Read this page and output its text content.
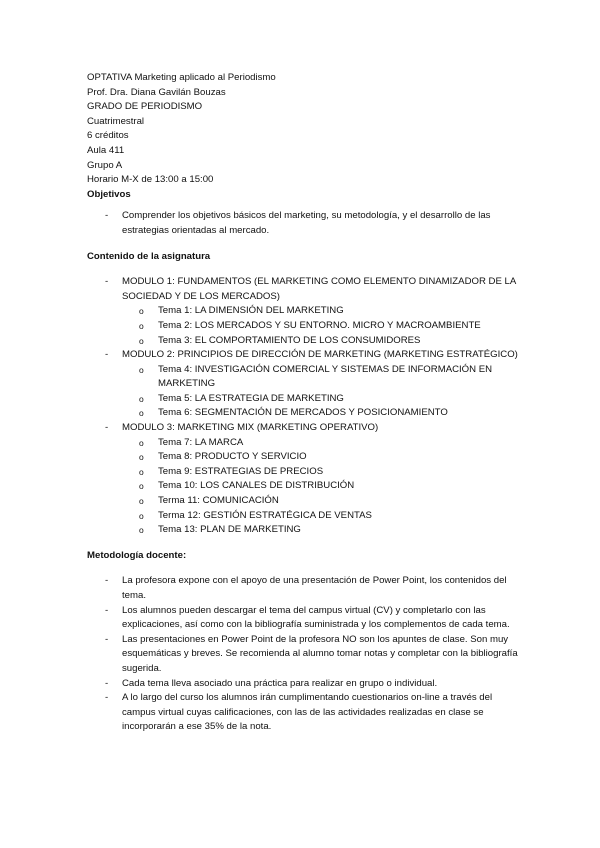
OPTATIVA Marketing aplicado al Periodismo
Prof. Dra. Diana Gavilán Bouzas
GRADO DE PERIODISMO
Cuatrimestral
6 créditos
Aula 411
Grupo A
Horario M-X de 13:00 a 15:00
Objetivos
-	Comprender los objetivos básicos del marketing, su metodología, y el desarrollo de las estrategias orientadas al mercado.
Contenido de la asignatura
-	MODULO 1: FUNDAMENTOS (EL MARKETING COMO ELEMENTO DINAMIZADOR DE LA SOCIEDAD Y DE LOS MERCADOS)
o Tema 1: LA DIMENSIÓN DEL MARKETING
o Tema 2: LOS MERCADOS Y SU ENTORNO. MICRO Y MACROAMBIENTE
o Tema 3: EL COMPORTAMIENTO DE LOS CONSUMIDORES
-	MODULO 2: PRINCIPIOS DE DIRECCIÓN DE MARKETING (MARKETING ESTRATÉGICO)
o Tema 4: INVESTIGACIÓN COMERCIAL Y SISTEMAS DE INFORMACIÓN EN MARKETING
o Tema 5: LA ESTRATEGIA DE MARKETING
o Tema 6: SEGMENTACIÓN DE MERCADOS Y POSICIONAMIENTO
-	MODULO 3: MARKETING MIX (MARKETING OPERATIVO)
o Tema 7: LA MARCA
o Tema 8: PRODUCTO Y SERVICIO
o Tema 9: ESTRATEGIAS DE PRECIOS
o Tema 10: LOS CANALES DE DISTRIBUCIÓN
o Terma 11: COMUNICACIÓN
o Terma 12: GESTIÓN ESTRATÉGICA DE VENTAS
o Tema 13: PLAN DE MARKETING
Metodología docente:
-	La profesora expone con el apoyo de una presentación de Power Point, los contenidos del tema.
-	Los alumnos pueden descargar el tema del campus virtual (CV) y completarlo con las explicaciones, así como con la bibliografía suministrada y los complementos de cada tema.
-	Las presentaciones en Power Point de la profesora NO son los apuntes de clase. Son muy esquemáticas y breves. Se recomienda al alumno tomar notas y completar con la bibliografía sugerida.
-	Cada tema lleva asociado una práctica para realizar en grupo o individual.
-	A lo largo del curso los alumnos irán cumplimentando cuestionarios on-line a través del campus virtual cuyas calificaciones, con las de las actividades realizadas en clase se incorporarán a ese 35% de la nota.
